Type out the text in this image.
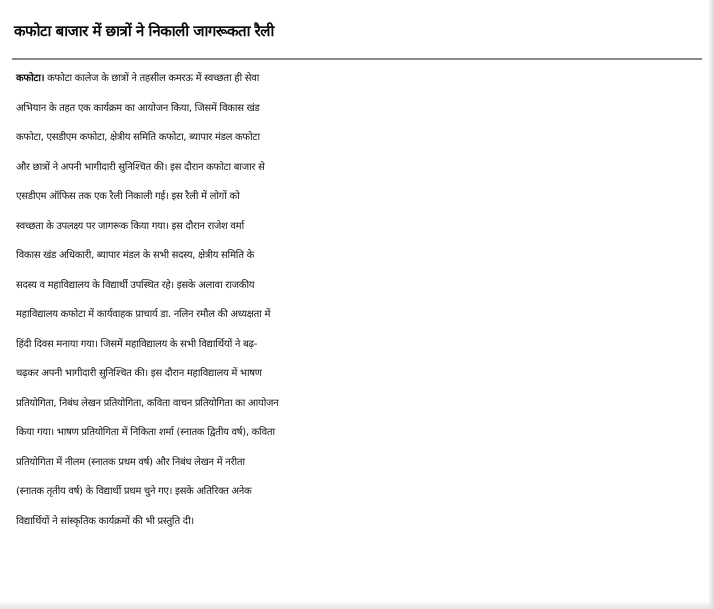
कफोटा बाजार में छात्रों ने निकाली जागरूकता रैली
कफोटा। कफोटा कालेज के छात्रों ने तहसील कमरऊ में स्वच्छता ही सेवा
अभियान के तहत एक कार्यक्रम का आयोजन किया, जिसमें विकास खंड
कफोटा, एसडीएम कफोटा, क्षेत्रीय समिति कफोटा, ब्यापार मंडल कफोटा
और छात्रों ने अपनी भागीदारी सुनिश्चित की। इस दौरान कफोटा बाजार से
एसडीएम ऑफिस तक एक रैली निकाली गई। इस रैली में लोगों को
स्वच्छता के उपलक्ष्य पर जागरूक किया गया। इस दौरान राजेश वर्मा
विकास खंड अधिकारी, ब्यापार मंडल के सभी सदस्य, क्षेत्रीय समिति के
सदस्य व महाविद्यालय के विद्यार्थी उपस्थित रहे। इसके अलावा राजकीय
महाविद्यालय कफोटा में कार्यवाहक प्राचार्य डा. नलिन रमौल की अध्यक्षता में
हिंदी दिवस मनाया गया। जिसमें महाविद्यालय के सभी विद्यार्थियों ने बढ़-
चढ़कर अपनी भागीदारी सुनिश्चित की। इस दौरान महाविद्यालय में भाषण
प्रतियोगिता, निबंध लेखन प्रतियोगिता, कविता वाचन प्रतियोगिता का आयोजन
किया गया। भाषण प्रतियोगिता में निकिता शर्मा (स्नातक द्वितीय वर्ष), कविता
प्रतियोगिता में नीलम (स्नातक प्रथम वर्ष) और निबंध लेखन में नरीता
(स्नातक तृतीय वर्ष) के विद्यार्थी प्रथम चुने गए। इसके अतिरिक्त अनेक
विद्यार्थियों ने सांस्कृतिक कार्यक्रमों की भी प्रस्तुति दी।
